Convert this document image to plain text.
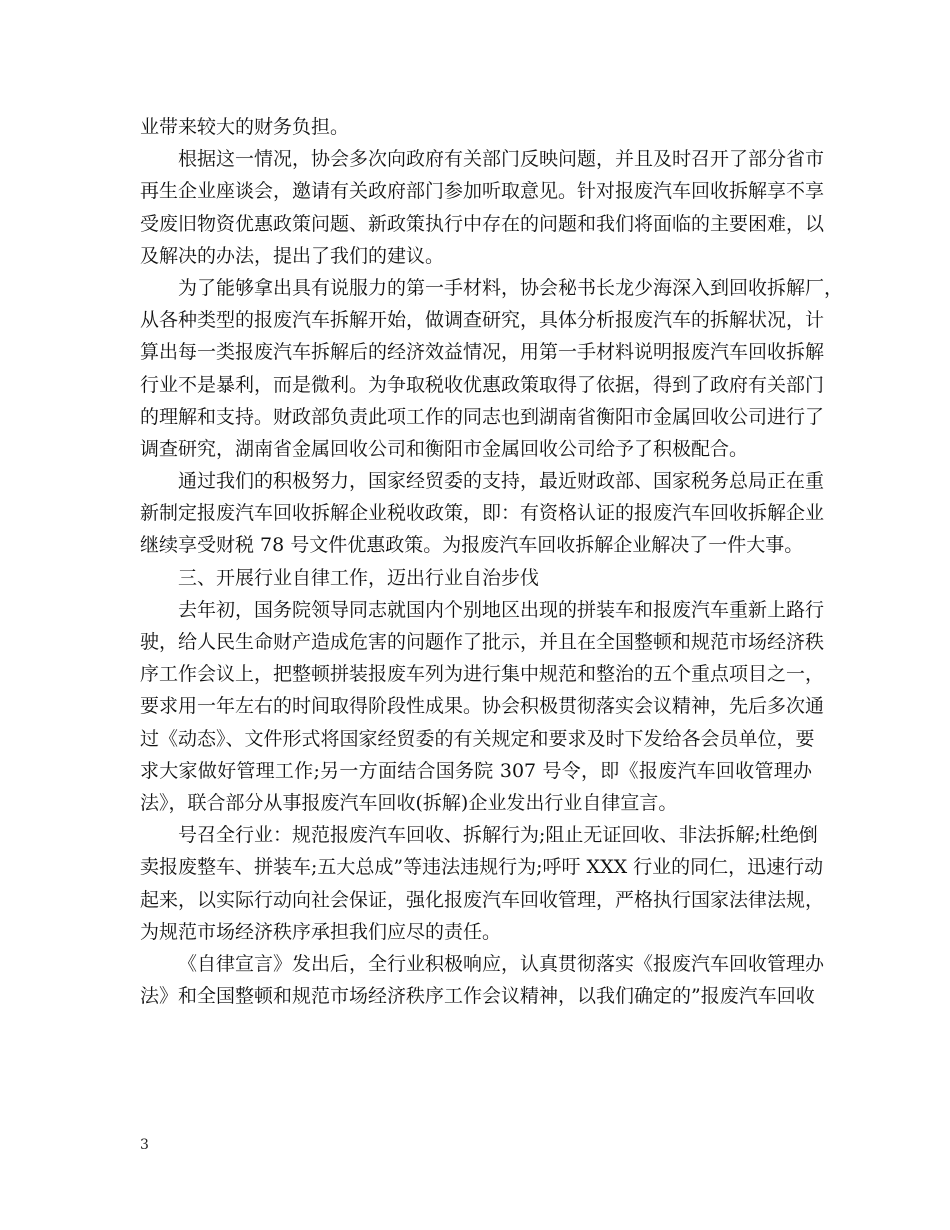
业带来较大的财务负担。
根据这一情况，协会多次向政府有关部门反映问题，并且及时召开了部分省市
再生企业座谈会，邀请有关政府部门参加听取意见。针对报废汽车回收拆解享不享
受废旧物资优惠政策问题、新政策执行中存在的问题和我们将面临的主要困难，以
及解决的办法，提出了我们的建议。
为了能够拿出具有说服力的第一手材料，协会秘书长龙少海深入到回收拆解厂，
从各种类型的报废汽车拆解开始，做调查研究，具体分析报废汽车的拆解状况，计
算出每一类报废汽车拆解后的经济效益情况，用第一手材料说明报废汽车回收拆解
行业不是暴利，而是微利。为争取税收优惠政策取得了依据，得到了政府有关部门
的理解和支持。财政部负责此项工作的同志也到湖南省衡阳市金属回收公司进行了
调查研究，湖南省金属回收公司和衡阳市金属回收公司给予了积极配合。
通过我们的积极努力，国家经贸委的支持，最近财政部、国家税务总局正在重
新制定报废汽车回收拆解企业税收政策，即：有资格认证的报废汽车回收拆解企业
继续享受财税 78 号文件优惠政策。为报废汽车回收拆解企业解决了一件大事。
三、开展行业自律工作，迈出行业自治步伐
去年初，国务院领导同志就国内个别地区出现的拼装车和报废汽车重新上路行
驶，给人民生命财产造成危害的问题作了批示，并且在全国整顿和规范市场经济秩
序工作会议上，把整顿拼装报废车列为进行集中规范和整治的五个重点项目之一，
要求用一年左右的时间取得阶段性成果。协会积极贯彻落实会议精神，先后多次通
过《动态》、文件形式将国家经贸委的有关规定和要求及时下发给各会员单位，要
求大家做好管理工作;另一方面结合国务院 307 号令，即《报废汽车回收管理办
法》，联合部分从事报废汽车回收(拆解)企业发出行业自律宣言。
号召全行业：规范报废汽车回收、拆解行为;阻止无证回收、非法拆解;杜绝倒
卖报废整车、拼装车;五大总成”等违法违规行为;呼吁 XXX 行业的同仁，迅速行动
起来，以实际行动向社会保证，强化报废汽车回收管理，严格执行国家法律法规，
为规范市场经济秩序承担我们应尽的责任。
《自律宣言》发出后，全行业积极响应，认真贯彻落实《报废汽车回收管理办
法》和全国整顿和规范市场经济秩序工作会议精神，以我们确定的”报废汽车回收
3
